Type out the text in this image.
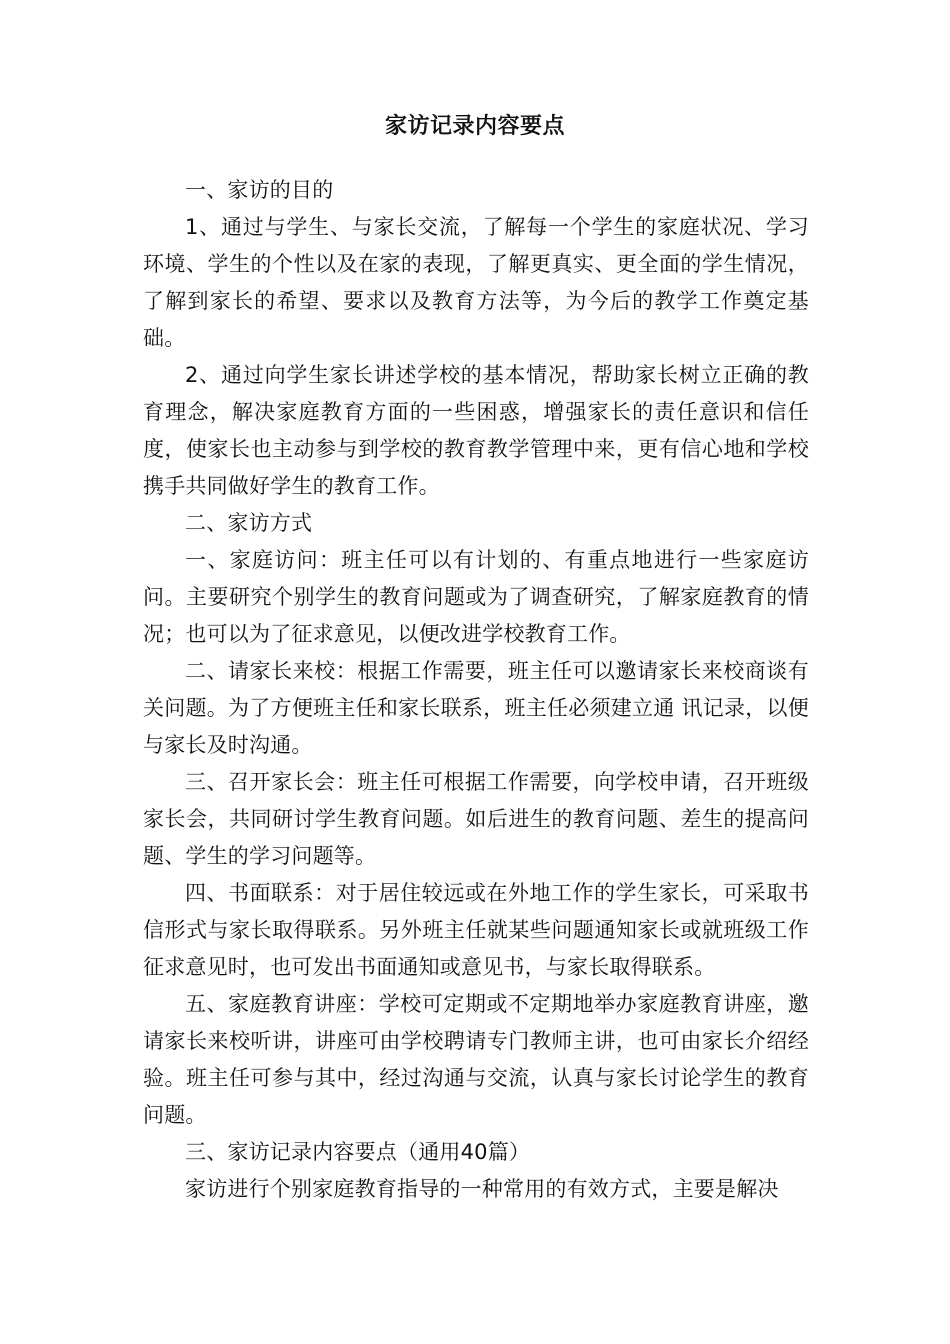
家访记录内容要点

一、家访的目的

1、通过与学生、与家长交流，了解每一个学生的家庭状况、学习环境、学生的个性以及在家的表现，了解更真实、更全面的学生情况，了解到家长的希望、要求以及教育方法等，为今后的教学工作奠定基础。

2、通过向学生家长讲述学校的基本情况，帮助家长树立正确的教育理念，解决家庭教育方面的一些困惑，增强家长的责任意识和信任度，使家长也主动参与到学校的教育教学管理中来，更有信心地和学校携手共同做好学生的教育工作。

二、家访方式

一、家庭访问：班主任可以有计划的、有重点地进行一些家庭访问。主要研究个别学生的教育问题或为了调查研究，了解家庭教育的情况；也可以为了征求意见，以便改进学校教育工作。

二、请家长来校：根据工作需要，班主任可以邀请家长来校商谈有关问题。为了方便班主任和家长联系，班主任必须建立通 讯记录，以便与家长及时沟通。

三、召开家长会：班主任可根据工作需要，向学校申请，召开班级家长会，共同研讨学生教育问题。如后进生的教育问题、差生的提高问题、学生的学习问题等。

四、书面联系：对于居住较远或在外地工作的学生家长，可采取书信形式与家长取得联系。另外班主任就某些问题通知家长或就班级工作征求意见时，也可发出书面通知或意见书，与家长取得联系。

五、家庭教育讲座：学校可定期或不定期地举办家庭教育讲座，邀请家长来校听讲，讲座可由学校聘请专门教师主讲，也可由家长介绍经验。班主任可参与其中，经过沟通与交流，认真与家长讨论学生的教育问题。

三、家访记录内容要点（通用40篇）

家访进行个别家庭教育指导的一种常用的有效方式，主要是解决
